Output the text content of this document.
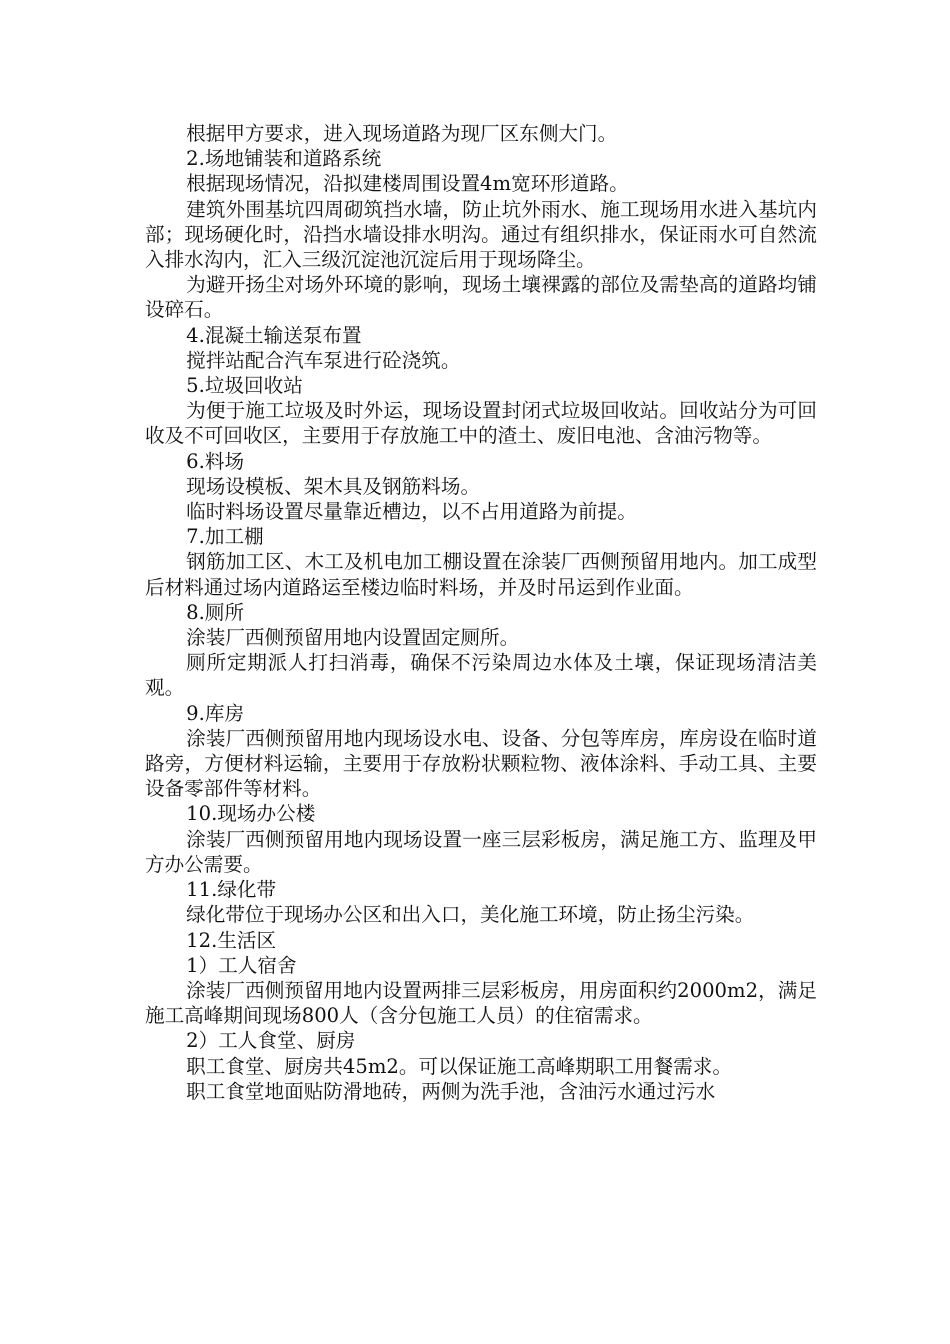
根据甲方要求，进入现场道路为现厂区东侧大门。

2.场地铺装和道路系统

根据现场情况，沿拟建楼周围设置4m宽环形道路。

建筑外围基坑四周砌筑挡水墙，防止坑外雨水、施工现场用水进入基坑内部；现场硬化时，沿挡水墙设排水明沟。通过有组织排水，保证雨水可自然流入排水沟内，汇入三级沉淀池沉淀后用于现场降尘。

为避开扬尘对场外环境的影响，现场土壤裸露的部位及需垫高的道路均铺设碎石。

4.混凝土输送泵布置

搅拌站配合汽车泵进行砼浇筑。

5.垃圾回收站

为便于施工垃圾及时外运，现场设置封闭式垃圾回收站。回收站分为可回收及不可回收区，主要用于存放施工中的渣土、废旧电池、含油污物等。

6.料场

现场设模板、架木具及钢筋料场。

临时料场设置尽量靠近槽边，以不占用道路为前提。

7.加工棚

钢筋加工区、木工及机电加工棚设置在涂装厂西侧预留用地内。加工成型后材料通过场内道路运至楼边临时料场，并及时吊运到作业面。

8.厕所

涂装厂西侧预留用地内设置固定厕所。

厕所定期派人打扫消毒，确保不污染周边水体及土壤，保证现场清洁美观。

9.库房

涂装厂西侧预留用地内现场设水电、设备、分包等库房，库房设在临时道路旁，方便材料运输，主要用于存放粉状颗粒物、液体涂料、手动工具、主要设备零部件等材料。

10.现场办公楼

涂装厂西侧预留用地内现场设置一座三层彩板房，满足施工方、监理及甲方办公需要。

11.绿化带

绿化带位于现场办公区和出入口，美化施工环境，防止扬尘污染。

12.生活区

1）工人宿舍

涂装厂西侧预留用地内设置两排三层彩板房，用房面积约2000m2，满足施工高峰期间现场800人（含分包施工人员）的住宿需求。

2）工人食堂、厨房

职工食堂、厨房共45m2。可以保证施工高峰期职工用餐需求。

职工食堂地面贴防滑地砖，两侧为洗手池，含油污水通过污水
